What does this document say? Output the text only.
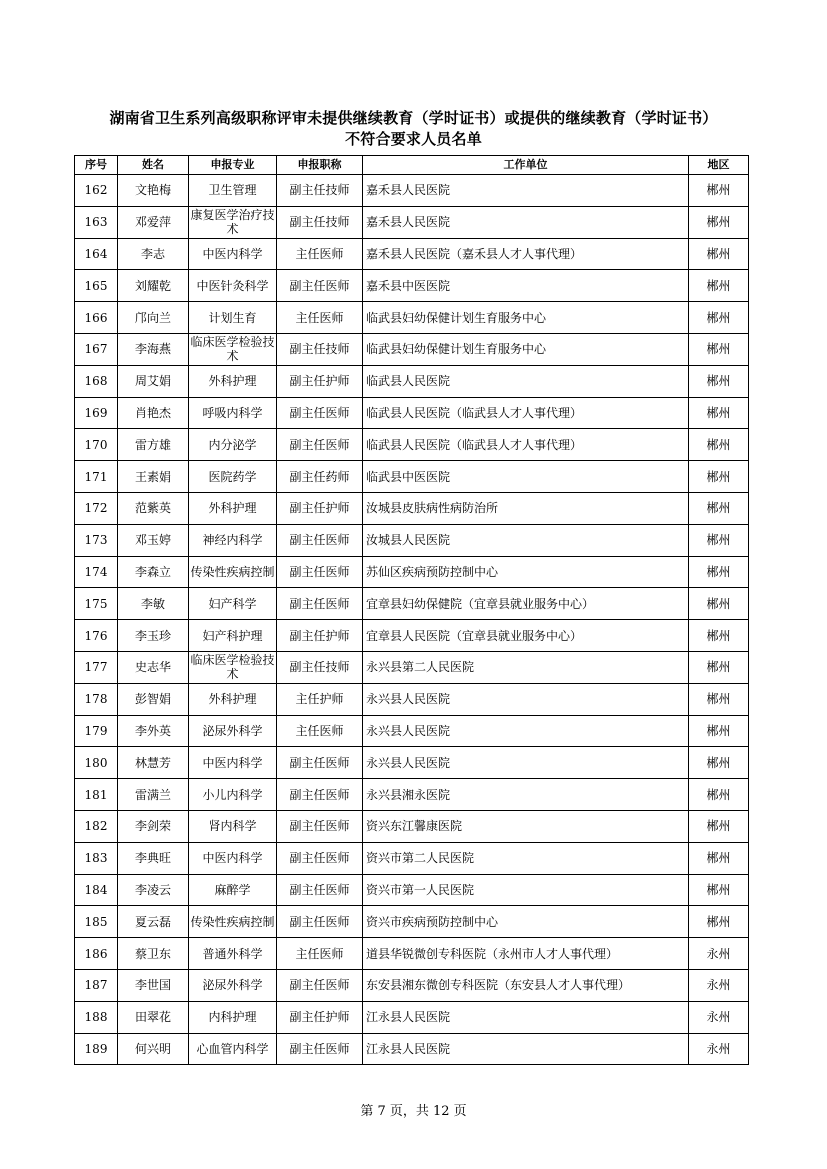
湖南省卫生系列高级职称评审未提供继续教育（学时证书）或提供的继续教育（学时证书）
不符合要求人员名单
序号	姓名	申报专业	申报职称	工作单位	地区
162	文艳梅	卫生管理	副主任技师	嘉禾县人民医院	郴州
163	邓爱萍	康复医学治疗技术	副主任技师	嘉禾县人民医院	郴州
164	李志	中医内科学	主任医师	嘉禾县人民医院（嘉禾县人才人事代理）	郴州
165	刘耀乾	中医针灸科学	副主任医师	嘉禾县中医医院	郴州
166	邝向兰	计划生育	主任医师	临武县妇幼保健计划生育服务中心	郴州
167	李海燕	临床医学检验技术	副主任技师	临武县妇幼保健计划生育服务中心	郴州
168	周艾娟	外科护理	副主任护师	临武县人民医院	郴州
169	肖艳杰	呼吸内科学	副主任医师	临武县人民医院（临武县人才人事代理）	郴州
170	雷方雄	内分泌学	副主任医师	临武县人民医院（临武县人才人事代理）	郴州
171	王素娟	医院药学	副主任药师	临武县中医医院	郴州
172	范紫英	外科护理	副主任护师	汝城县皮肤病性病防治所	郴州
173	邓玉婷	神经内科学	副主任医师	汝城县人民医院	郴州
174	李森立	传染性疾病控制	副主任医师	苏仙区疾病预防控制中心	郴州
175	李敏	妇产科学	副主任医师	宜章县妇幼保健院（宜章县就业服务中心）	郴州
176	李玉珍	妇产科护理	副主任护师	宜章县人民医院（宜章县就业服务中心）	郴州
177	史志华	临床医学检验技术	副主任技师	永兴县第二人民医院	郴州
178	彭智娟	外科护理	主任护师	永兴县人民医院	郴州
179	李外英	泌尿外科学	主任医师	永兴县人民医院	郴州
180	林慧芳	中医内科学	副主任医师	永兴县人民医院	郴州
181	雷满兰	小儿内科学	副主任医师	永兴县湘永医院	郴州
182	李剑荣	肾内科学	副主任医师	资兴东江馨康医院	郴州
183	李典旺	中医内科学	副主任医师	资兴市第二人民医院	郴州
184	李凌云	麻醉学	副主任医师	资兴市第一人民医院	郴州
185	夏云磊	传染性疾病控制	副主任医师	资兴市疾病预防控制中心	郴州
186	蔡卫东	普通外科学	主任医师	道县华锐微创专科医院（永州市人才人事代理）	永州
187	李世国	泌尿外科学	副主任医师	东安县湘东微创专科医院（东安县人才人事代理）	永州
188	田翠花	内科护理	副主任护师	江永县人民医院	永州
189	何兴明	心血管内科学	副主任医师	江永县人民医院	永州
第 7 页，共 12 页
